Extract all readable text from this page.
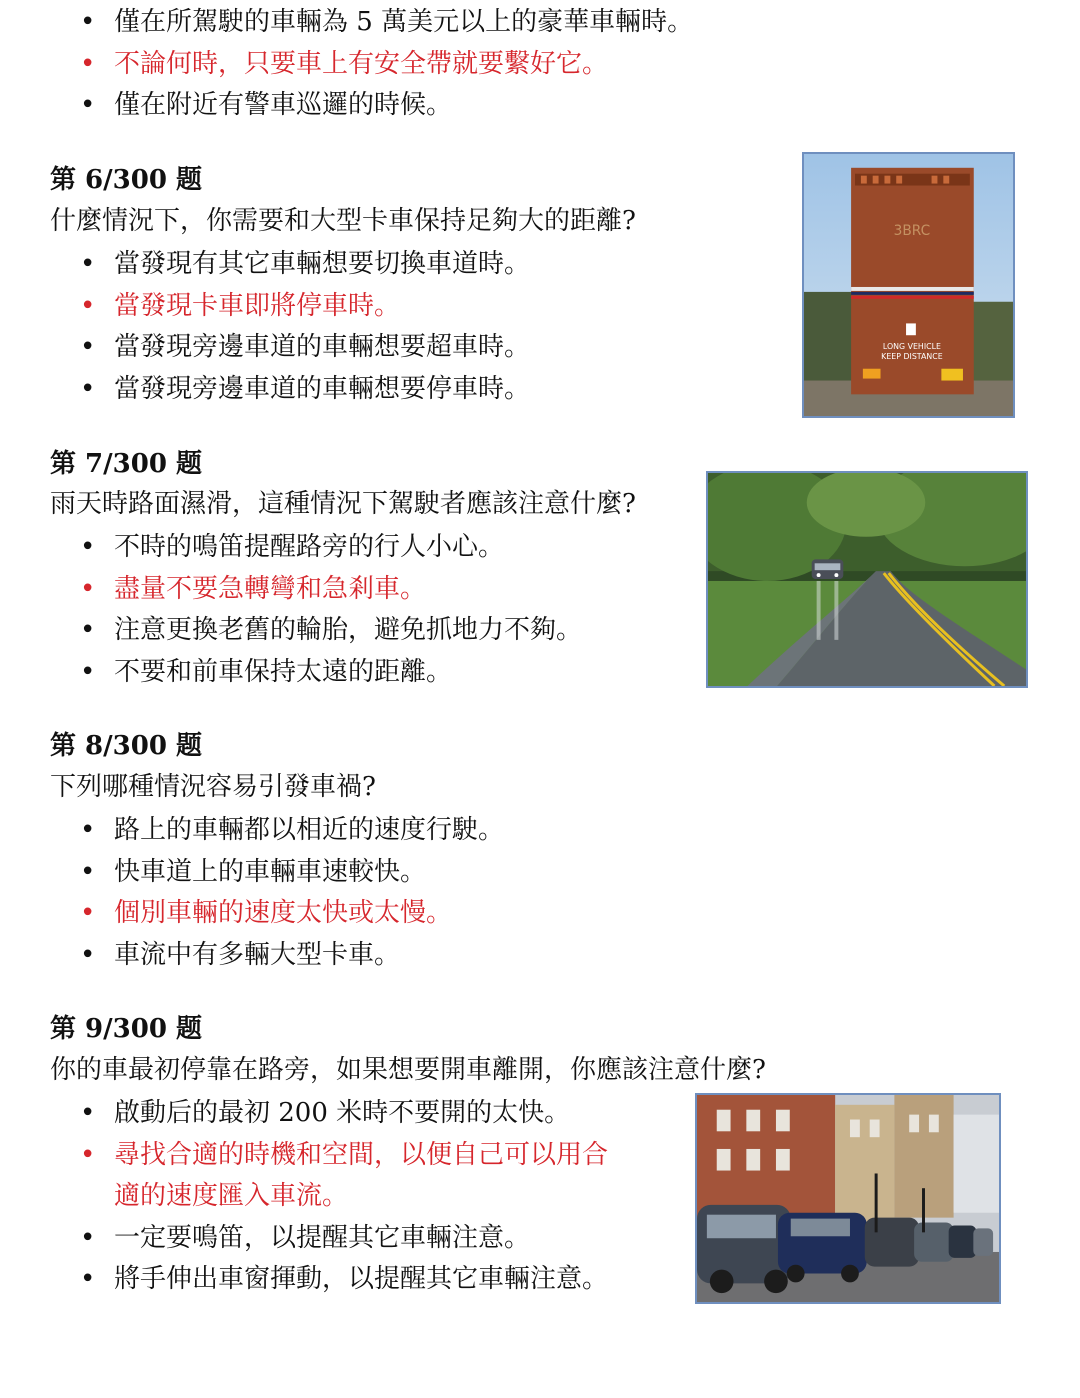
• 僅在所駕駛的車輛為 5 萬美元以上的豪華車輛時。
• 不論何時，只要車上有安全帶就要繫好它。
• 僅在附近有警車巡邏的時候。
第 6/300 题
什麼情況下，你需要和大型卡車保持足夠大的距離?
• 當發現有其它車輛想要切換車道時。
• 當發現卡車即將停車時。
• 當發現旁邊車道的車輛想要超車時。
• 當發現旁邊車道的車輛想要停車時。
3BRC
LONG VEHICLE
KEEP DISTANCE
第 7/300 题
雨天時路面濕滑，這種情況下駕駛者應該注意什麼?
• 不時的鳴笛提醒路旁的行人小心。
• 盡量不要急轉彎和急剎車。
• 注意更換老舊的輪胎，避免抓地力不夠。
• 不要和前車保持太遠的距離。
第 8/300 题
下列哪種情況容易引發車禍?
• 路上的車輛都以相近的速度行駛。
• 快車道上的車輛車速較快。
• 個別車輛的速度太快或太慢。
• 車流中有多輛大型卡車。
第 9/300 题
你的車最初停靠在路旁，如果想要開車離開，你應該注意什麼?
• 啟動后的最初 200 米時不要開的太快。
• 尋找合適的時機和空間，以便自己可以用合
適的速度匯入車流。
• 一定要鳴笛，以提醒其它車輛注意。
• 將手伸出車窗揮動，以提醒其它車輛注意。
